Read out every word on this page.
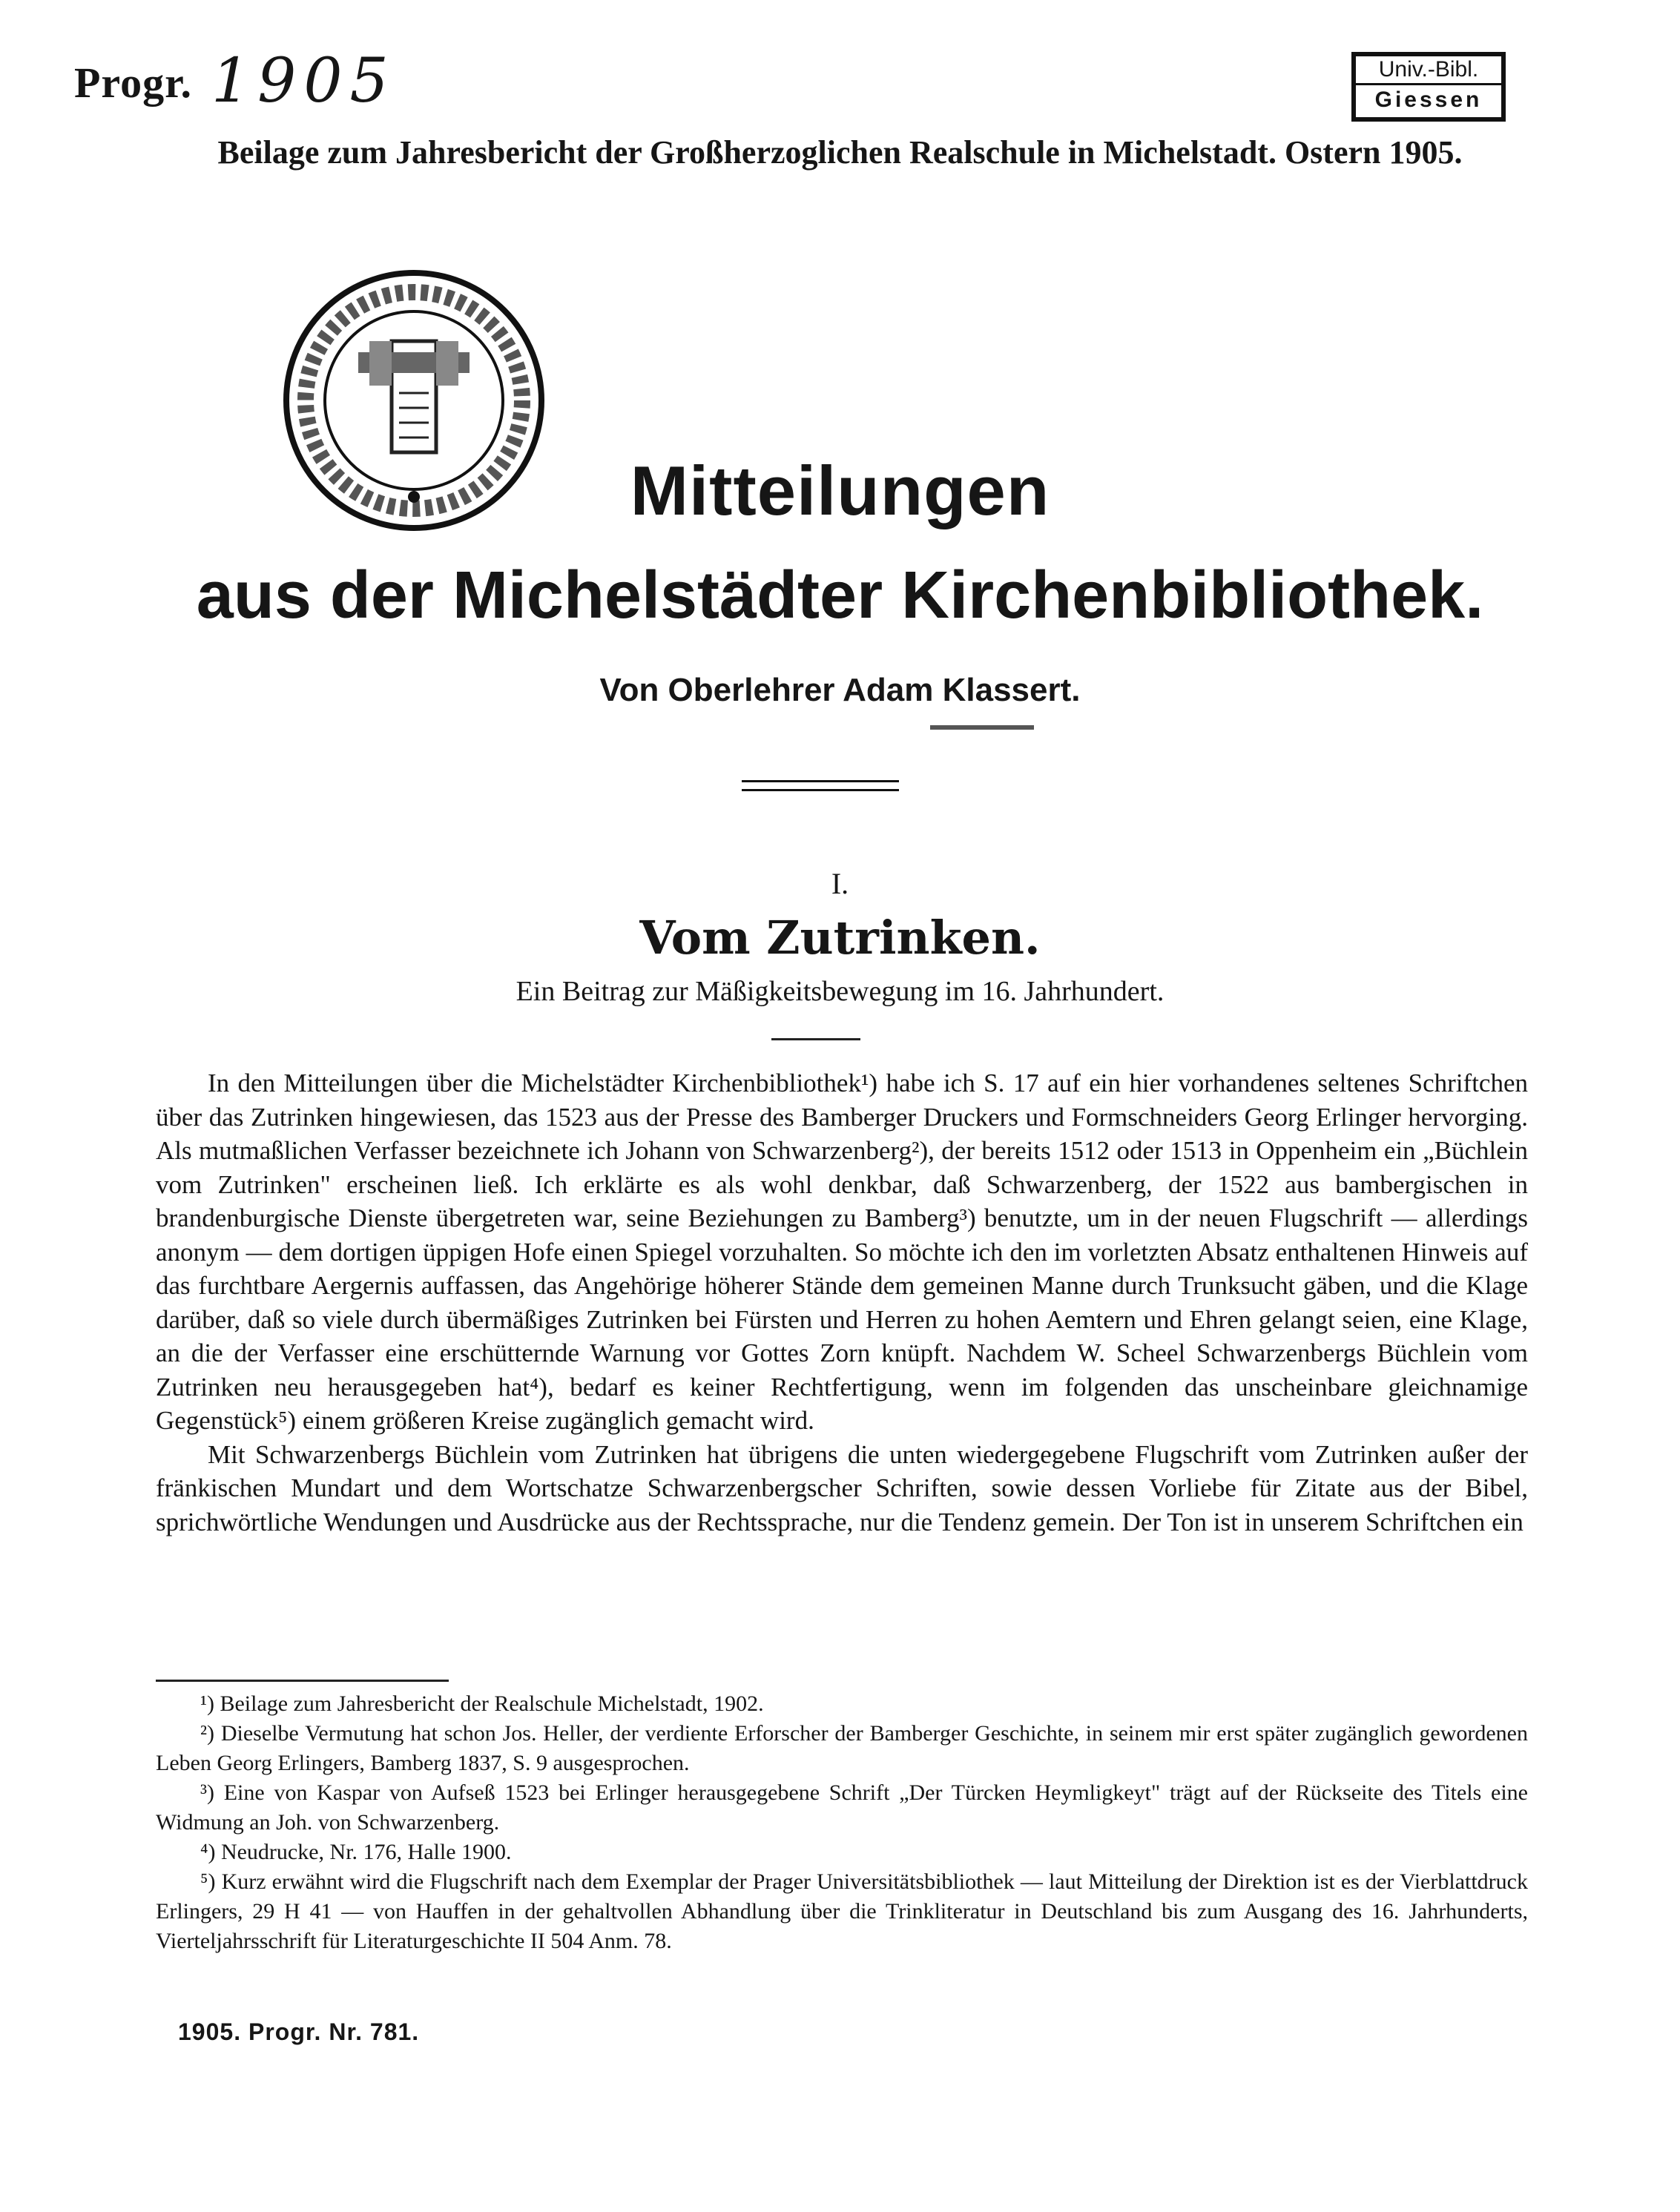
Progr. 1905	Univ.-Bibl.
Giessen
Beilage zum Jahresbericht der Großherzoglichen Realschule in Michelstadt. Ostern 1905.
Mitteilungen
aus der Michelstädter Kirchenbibliothek.
Von Oberlehrer Adam Klassert.
I.
Vom Zutrinken.
Ein Beitrag zur Mäßigkeitsbewegung im 16. Jahrhundert.

In den Mitteilungen über die Michelstädter Kirchenbibliothek¹) habe ich S. 17 auf ein hier vorhandenes seltenes Schriftchen über das Zutrinken hingewiesen, das 1523 aus der Presse des Bamberger Druckers und Formschneiders Georg Erlinger hervorging. Als mutmaßlichen Verfasser bezeichnete ich Johann von Schwarzenberg²), der bereits 1512 oder 1513 in Oppenheim ein „Büchlein vom Zutrinken" erscheinen ließ. Ich erklärte es als wohl denkbar, daß Schwarzenberg, der 1522 aus bambergischen in brandenburgische Dienste übergetreten war, seine Beziehungen zu Bamberg³) benutzte, um in der neuen Flugschrift — allerdings anonym — dem dortigen üppigen Hofe einen Spiegel vorzuhalten. So möchte ich den im vorletzten Absatz enthaltenen Hinweis auf das furchtbare Aergernis auffassen, das Angehörige höherer Stände dem gemeinen Manne durch Trunksucht gäben, und die Klage darüber, daß so viele durch übermäßiges Zutrinken bei Fürsten und Herren zu hohen Aemtern und Ehren gelangt seien, eine Klage, an die der Verfasser eine erschütternde Warnung vor Gottes Zorn knüpft. Nachdem W. Scheel Schwarzenbergs Büchlein vom Zutrinken neu herausgegeben hat⁴), bedarf es keiner Rechtfertigung, wenn im folgenden das unscheinbare gleichnamige Gegenstück⁵) einem größeren Kreise zugänglich gemacht wird.

Mit Schwarzenbergs Büchlein vom Zutrinken hat übrigens die unten wiedergegebene Flugschrift vom Zutrinken außer der fränkischen Mundart und dem Wortschatze Schwarzenbergscher Schriften, sowie dessen Vorliebe für Zitate aus der Bibel, sprichwörtliche Wendungen und Ausdrücke aus der Rechtssprache, nur die Tendenz gemein. Der Ton ist in unserem Schriftchen ein

¹) Beilage zum Jahresbericht der Realschule Michelstadt, 1902.

²) Dieselbe Vermutung hat schon Jos. Heller, der verdiente Erforscher der Bamberger Geschichte, in seinem mir erst später zugänglich gewordenen Leben Georg Erlingers, Bamberg 1837, S. 9 ausgesprochen.

³) Eine von Kaspar von Aufseß 1523 bei Erlinger herausgegebene Schrift „Der Türcken Heymligkeyt" trägt auf der Rückseite des Titels eine Widmung an Joh. von Schwarzenberg.

⁴) Neudrucke, Nr. 176, Halle 1900.

⁵) Kurz erwähnt wird die Flugschrift nach dem Exemplar der Prager Universitätsbibliothek — laut Mitteilung der Direktion ist es der Vierblattdruck Erlingers, 29 H 41 — von Hauffen in der gehaltvollen Abhandlung über die Trinkliteratur in Deutschland bis zum Ausgang des 16. Jahrhunderts, Vierteljahrsschrift für Literaturgeschichte II 504 Anm. 78.

1905. Progr. Nr. 781.
